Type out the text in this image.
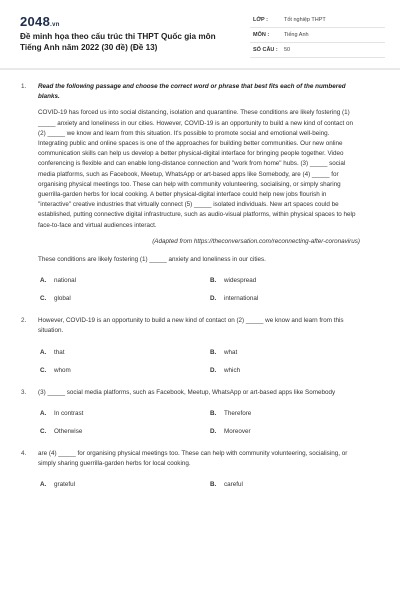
2048.vn
Đề minh họa theo cấu trúc thi THPT Quốc gia môn Tiếng Anh năm 2022 (30 đề) (Đề 13)
LỚP :	Tốt nghiệp THPT
MÔN :	Tiếng Anh
SỐ CÂU : 50
1. Read the following passage and choose the correct word or phrase that best fits each of the numbered blanks.
COVID-19 has forced us into social distancing, isolation and quarantine. These conditions are likely fostering (1) _____ anxiety and loneliness in our cities. However, COVID-19 is an opportunity to build a new kind of contact on (2) _____ we know and learn from this situation. It's possible to promote social and emotional well-being. Integrating public and online spaces is one of the approaches for building better communities. Our new online communication skills can help us develop a better physical-digital interface for bringing people together. Video conferencing is flexible and can enable long-distance connection and "work from home" hubs. (3) _____ social media platforms, such as Facebook, Meetup, WhatsApp or art-based apps like Somebody, are (4) _____ for organising physical meetings too. These can help with community volunteering, socialising, or simply sharing guerrilla-garden herbs for local cooking. A better physical-digital interface could help new jobs flourish in "interactive" creative industries that virtually connect (5) _____ isolated individuals. New art spaces could be established, putting connective digital infrastructure, such as audio-visual platforms, within physical spaces to help face-to-face and virtual audiences interact.
(Adapted from https://theconversation.com/reconnecting-after-coronavirus)
These conditions are likely fostering (1) _____ anxiety and loneliness in our cities.
A. national	B. widespread
C. global	D. international
2. However, COVID-19 is an opportunity to build a new kind of contact on (2) _____ we know and learn from this situation.
A. that	B. what
C. whom	D. which
3. (3) _____ social media platforms, such as Facebook, Meetup, WhatsApp or art-based apps like Somebody
A. In contrast	B. Therefore
C. Otherwise	D. Moreover
4. are (4) _____ for organising physical meetings too. These can help with community volunteering, socialising, or simply sharing guerrilla-garden herbs for local cooking.
A. grateful	B. careful
